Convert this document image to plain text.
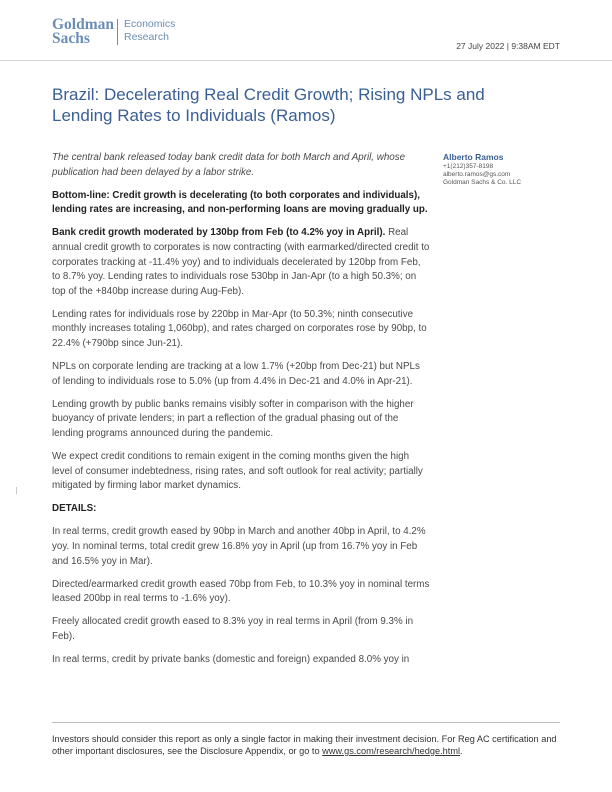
Goldman
Sachs
Economics
Research
27 July 2022 | 9:38AM EDT
Brazil: Decelerating Real Credit Growth; Rising NPLs and Lending Rates to Individuals (Ramos)
Alberto Ramos
+1(212)357-8198
alberto.ramos@gs.com
Goldman Sachs & Co. LLC

The central bank released today bank credit data for both March and April, whose publication had been delayed by a labor strike.

Bottom-line: Credit growth is decelerating (to both corporates and individuals), lending rates are increasing, and non-performing loans are moving gradually up.

Bank credit growth moderated by 130bp from Feb (to 4.2% yoy in April). Real annual credit growth to corporates is now contracting (with earmarked/directed credit to corporates tracking at -11.4% yoy) and to individuals decelerated by 120bp from Feb, to 8.7% yoy. Lending rates to individuals rose 530bp in Jan-Apr (to a high 50.3%; on top of the +840bp increase during Aug-Feb).

Lending rates for individuals rose by 220bp in Mar-Apr (to 50.3%; ninth consecutive monthly increases totaling 1,060bp), and rates charged on corporates rose by 90bp, to 22.4% (+790bp since Jun-21).

NPLs on corporate lending are tracking at a low 1.7% (+20bp from Dec-21) but NPLs of lending to individuals rose to 5.0% (up from 4.4% in Dec-21 and 4.0% in Apr-21).

Lending growth by public banks remains visibly softer in comparison with the higher buoyancy of private lenders; in part a reflection of the gradual phasing out of the lending programs announced during the pandemic.

We expect credit conditions to remain exigent in the coming months given the high level of consumer indebtedness, rising rates, and soft outlook for real activity; partially mitigated by firming labor market dynamics.

DETAILS:

In real terms, credit growth eased by 90bp in March and another 40bp in April, to 4.2% yoy. In nominal terms, total credit grew 16.8% yoy in April (up from 16.7% yoy in Feb and 16.5% yoy in Mar).

Directed/earmarked credit growth eased 70bp from Feb, to 10.3% yoy in nominal terms leased 200bp in real terms to -1.6% yoy).

Freely allocated credit growth eased to 8.3% yoy in real terms in April (from 9.3% in Feb).

In real terms, credit by private banks (domestic and foreign) expanded 8.0% yoy in

Investors should consider this report as only a single factor in making their investment decision. For Reg AC certification and other important disclosures, see the Disclosure Appendix, or go to www.gs.com/research/hedge.html.
